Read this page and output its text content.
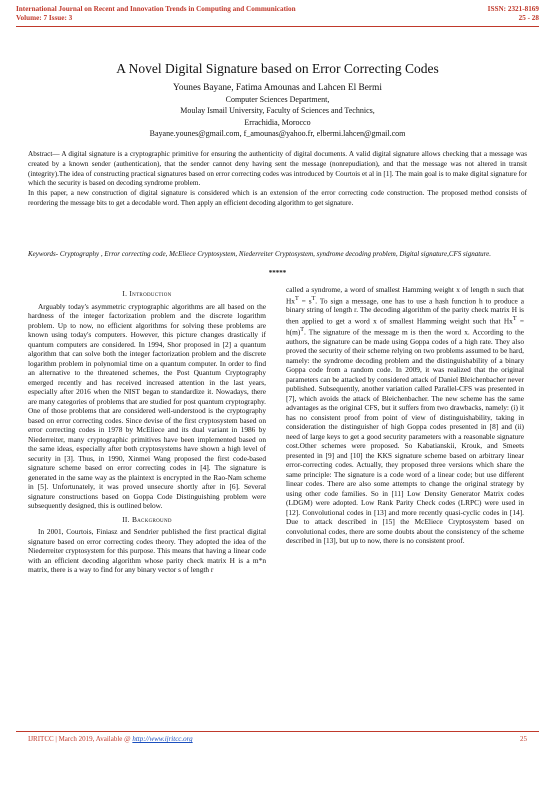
International Journal on Recent and Innovation Trends in Computing and Communication
Volume: 7 Issue: 3
ISSN: 2321-8169
25 - 28
A Novel Digital Signature based on Error Correcting Codes
Younes Bayane, Fatima Amounas and Lahcen El Bermi
Computer Sciences Department,
Moulay Ismail University, Faculty of Sciences and Technics,
Errachidia, Morocco
Bayane.younes@gmail.com, f_amounas@yahoo.fr, elbermi.lahcen@gmail.com

Abstract— A digital signature is a cryptographic primitive for ensuring the authenticity of digital documents. A valid digital signature allows checking that a message was created by a known sender (authentication), that the sender cannot deny having sent the message (nonrepudiation), and that the message was not altered in transit (integrity).The idea of constructing practical signatures based on error correcting codes was introduced by Courtois et al in [1]. The main goal is to make digital signature for which the security is based on decoding syndrome problem.

In this paper, a new construction of digital signature is considered which is an extension of the error correcting code construction. The proposed method consists of reordering the message bits to get a decodable word. Then apply an efficient decoding algorithm to get signature.

Keywords- Cryptography , Error correcting code, McEliece Cryptosystem, Niederreiter Cryptosystem, syndrome decoding problem, Digital signature,CFS signature.
*****

I. Introduction

Arguably today's asymmetric cryptographic algorithms are all based on the hardness of the integer factorization problem and the discrete logarithm problem. Up to now, no efficient algorithms for solving these problems are known using today's computers. However, this picture changes drastically if quantum computers are considered. In 1994, Shor proposed in [2] a quantum algorithm that can solve both the integer factorization problem and the discrete logarithm problem in polynomial time on a quantum computer. In order to find an alternative to the threatened schemes, the Post Quantum Cryptography emerged recently and has received increased attention in the last years, especially after 2016 when the NIST began to standardize it. Nowadays, there are many categories of problems that are studied for post quantum cryptography. One of those problems that are considered well-understood is the cryptography based on error correcting codes. Since devise of the first cryptosystem based on error correcting codes in 1978 by McEliece and its dual variant in 1986 by Niederreiter, many cryptographic primitives have been implemented based on the same ideas, especially after both cryptosystems have shown a high level of security in [3]. Thus, in 1990, Xinmei Wang proposed the first code-based signature scheme based on error correcting codes in [4]. The signature is generated in the same way as the plaintext is encrypted in the Rao-Nam scheme in [5]. Unfortunately, it was proved unsecure shortly after in [6]. Several signature constructions based on Goppa Code Distinguishing problem were subsequently designed, this is outlined below.

II. Background

In 2001, Courtois, Finiasz and Sendrier published the first practical digital signature based on error correcting codes theory. They adopted the idea of the Niederreiter cryptosystem for this purpose. This means that having a linear code with an efficient decoding algorithm whose parity check matrix H is a m*n matrix, there is a way to find for any binary vector s of length r

called a syndrome, a word of smallest Hamming weight x of length n such that $Hx^T = s^T$. To sign a message, one has to use a hash function h to produce a binary string of length r. The decoding algorithm of the parity check matrix H is then applied to get a word x of smallest Hamming weight such that $Hx^T = h(m)^T$. The signature of the message m is then the word x. According to the authors, the signature can be made using Goppa codes of a high rate. They also proved the security of their scheme relying on two problems assumed to be hard, namely: the syndrome decoding problem and the distinguishability of a binary Goppa code from a random code. In 2009, it was realized that the original parameters can be attacked by considered attack of Daniel Bleichenbacher never published. Subsequently, another variation called Parallel-CFS was presented in [7], which avoids the attack of Bleichenbacher. The new scheme has the same advantages as the original CFS, but it suffers from two drawbacks, namely: (i) it has no consistent proof from point of view of distinguishability, taking in consideration the distinguisher of high Goppa codes presented in [8] and (ii) need of large keys to get a good security parameters with a reasonable signature cost.Other schemes were proposed. So Kabatianskii, Krouk, and Smeets presented in [9] and [10] the KKS signature scheme based on arbitrary linear error-correcting codes. Actually, they proposed three versions which share the same principle: The signature is a code word of a linear code; but use different linear codes. There are also some attempts to change the original strategy by using other code families. So in [11] Low Density Generator Matrix codes (LDGM) were adopted. Low Rank Parity Check codes (LRPC) were used in [12]. Convolutional codes in [13] and more recently quasi-cyclic codes in [14]. Due to attack described in [15] the McEliece Cryptosystem based on convolutional codes, there are some doubts about the consistency of the scheme described in [13], but up to now, there is no consistent proof.

IJRITCC | March 2019, Available @ http://www.ijritcc.org	25
